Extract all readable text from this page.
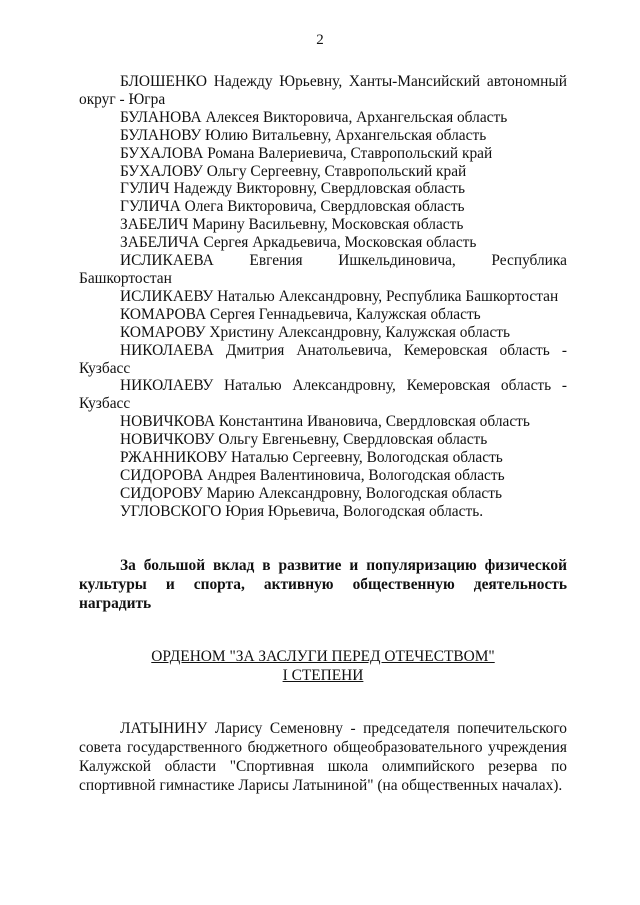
2

БЛОШЕНКО Надежду Юрьевну, Ханты-Мансийский автономный округ - Югра

БУЛАНОВА Алексея Викторовича, Архангельская область

БУЛАНОВУ Юлию Витальевну, Архангельская область

БУХАЛОВА Романа Валериевича, Ставропольский край

БУХАЛОВУ Ольгу Сергеевну, Ставропольский край

ГУЛИЧ Надежду Викторовну, Свердловская область

ГУЛИЧА Олега Викторовича, Свердловская область

ЗАБЕЛИЧ Марину Васильевну, Московская область

ЗАБЕЛИЧА Сергея Аркадьевича, Московская область

ИСЛИКАЕВА Евгения Ишкельдиновича, Республика Башкортостан

ИСЛИКАЕВУ Наталью Александровну, Республика Башкортостан

КОМАРОВА Сергея Геннадьевича, Калужская область

КОМАРОВУ Христину Александровну, Калужская область

НИКОЛАЕВА Дмитрия Анатольевича, Кемеровская область - Кузбасс

НИКОЛАЕВУ Наталью Александровну, Кемеровская область - Кузбасс

НОВИЧКОВА Константина Ивановича, Свердловская область

НОВИЧКОВУ Ольгу Евгеньевну, Свердловская область

РЖАННИКОВУ Наталью Сергеевну, Вологодская область

СИДОРОВА Андрея Валентиновича, Вологодская область

СИДОРОВУ Марию Александровну, Вологодская область

УГЛОВСКОГО Юрия Юрьевича, Вологодская область.

За большой вклад в развитие и популяризацию физической культуры и спорта, активную общественную деятельность наградить

ОРДЕНОМ "ЗА ЗАСЛУГИ ПЕРЕД ОТЕЧЕСТВОМ"
I СТЕПЕНИ

ЛАТЫНИНУ Ларису Семеновну - председателя попечительского совета государственного бюджетного общеобразовательного учреждения Калужской области "Спортивная школа олимпийского резерва по спортивной гимнастике Ларисы Латыниной" (на общественных началах).
